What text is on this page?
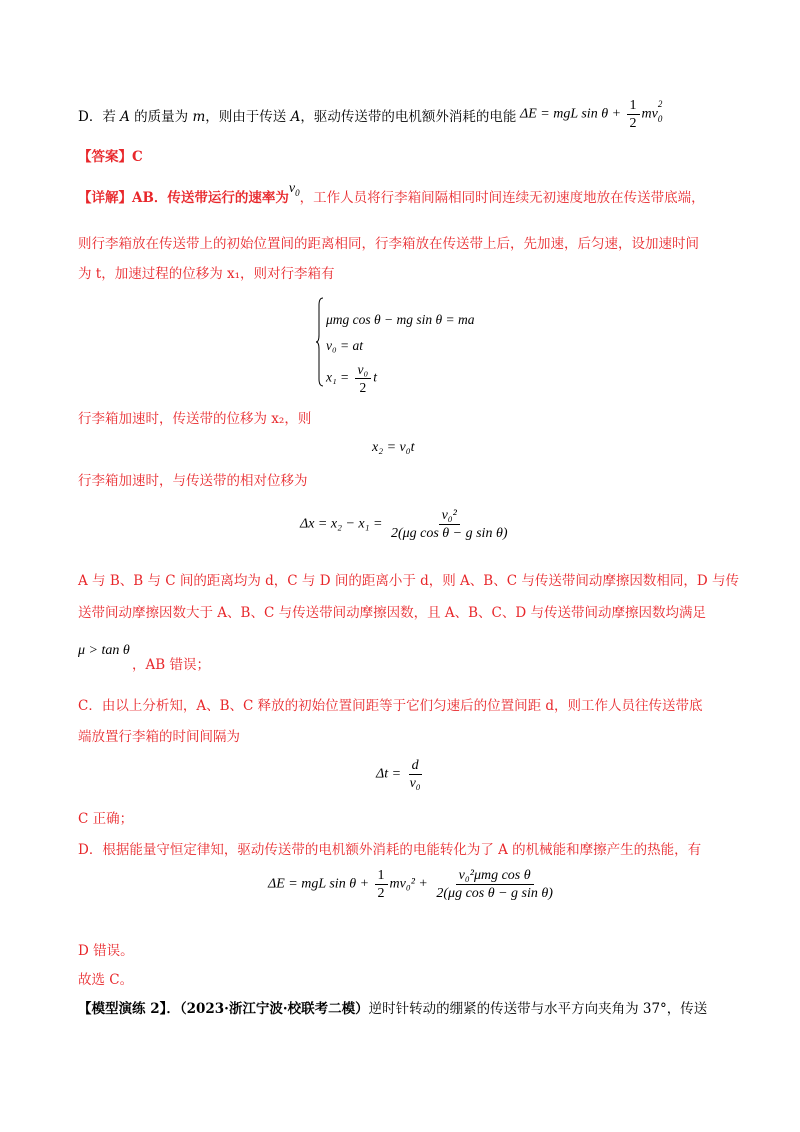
D．若 A 的质量为 m，则由于传送 A，驱动传送带的电机额外消耗的电能 ΔE = mgL $\sin \theta + \frac{1}{2} mv_0$
2
【答案】C
【详解】AB．传送带运行的速率为$v_0$，工作人员将行李箱间隔相同时间连续无初速度地放在传送带底端，
则行李箱放在传送带上的初始位置间的距离相同，行李箱放在传送带上后，先加速，后匀速，设加速时间
为 t，加速过程的位移为 x₁，则对行李箱有
μmg cos θ − mg sin θ = ma
v₀ = at
$x_1 = \frac{\text{v₀}}{2}$ t
行李箱加速时，传送带的位移为 x₂，则
x₂ = v₀t
行李箱加速时，与传送带的相对位移为
$\Delta x = x_2 - x_1 = \frac{\text{v₀²}}{\text{2(μg cos θ − g sin θ)}}$
A 与 B、B 与 C 间的距离均为 d，C 与 D 间的距离小于 d，则 A、B、C 与传送带间动摩擦因数相同，D 与传
送带间动摩擦因数大于 A、B、C 与传送带间动摩擦因数，且 A、B、C、D 与传送带间动摩擦因数均满足
μ > tan θ
，AB 错误；
C．由以上分析知，A、B、C 释放的初始位置间距等于它们匀速后的位置间距 d，则工作人员往传送带底
端放置行李箱的时间间隔为
$\Delta t = \frac{d}{\text{v₀}}$
C 正确；
D．根据能量守恒定律知，驱动传送带的电机额外消耗的电能转化为了 A 的机械能和摩擦产生的热能，有
ΔE = mgL $\sin \theta + \frac{1}{2} mv_0^2 + \frac{\text{v₀²μmg cos θ}}{\text{2(μg cos θ − g sin θ)}}$
D 错误。
故选 C。
【模型演练 2】．（2023·浙江宁波·校联考二模）逆时针转动的绷紧的传送带与水平方向夹角为 37°，传送
